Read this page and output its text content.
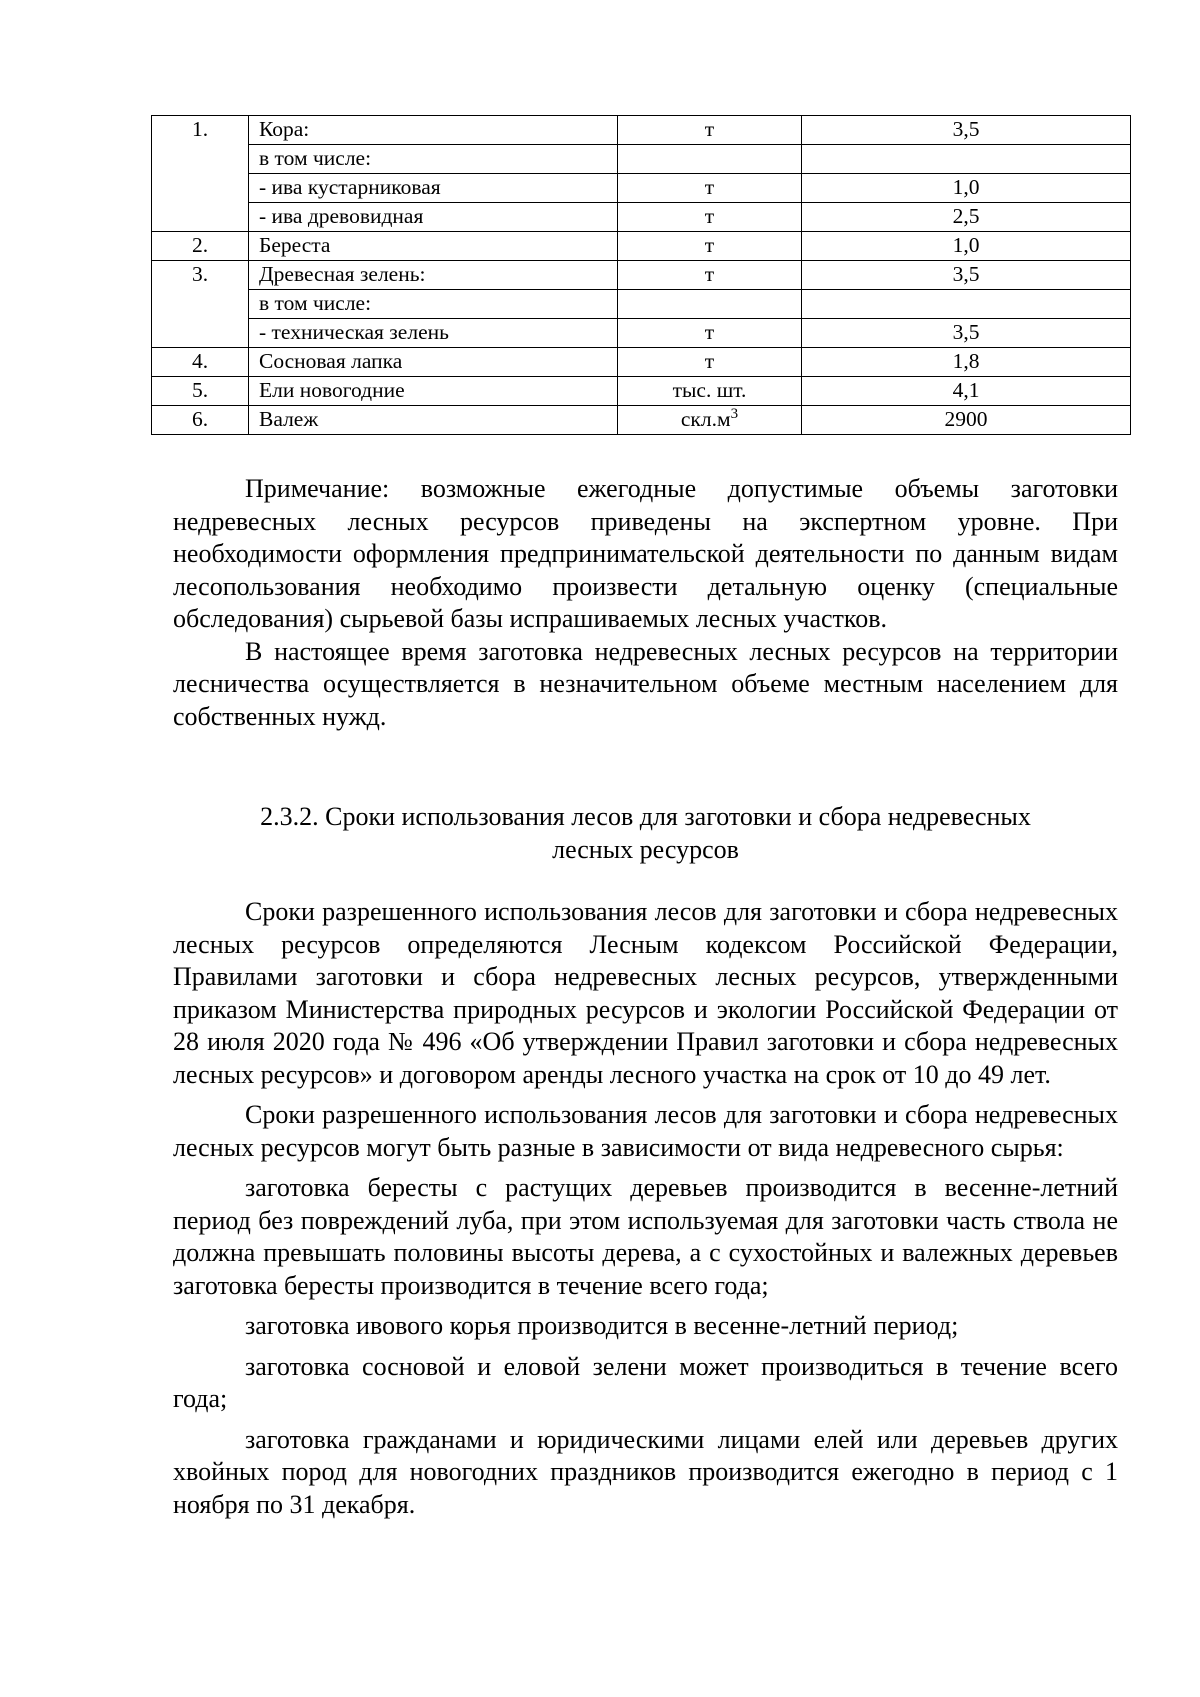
1.	Кора:	т	3,5
	в том числе:		
	- ива кустарниковая	т	1,0
	- ива древовидная	т	2,5
2.	Береста	т	1,0
3.	Древесная зелень:	т	3,5
	в том числе:		
	- техническая зелень	т	3,5
4.	Сосновая лапка	т	1,8
5.	Ели новогодние	тыс. шт.	4,1
6.	Валеж	$скл.м^3$	2900

Примечание: возможные ежегодные допустимые объемы заготовки недревесных лесных ресурсов приведены на экспертном уровне. При необходимости оформления предпринимательской деятельности по данным видам лесопользования необходимо произвести детальную оценку (специальные обследования) сырьевой базы испрашиваемых лесных участков.

В настоящее время заготовка недревесных лесных ресурсов на территории лесничества осуществляется в незначительном объеме местным населением для собственных нужд.

2.3.2. Сроки использования лесов для заготовки и сбора недревесных
лесных ресурсов

Сроки разрешенного использования лесов для заготовки и сбора недревесных лесных ресурсов определяются Лесным кодексом Российской Федерации, Правилами заготовки и сбора недревесных лесных ресурсов, утвержденными приказом Министерства природных ресурсов и экологии Российской Федерации от 28 июля 2020 года № 496 «Об утверждении Правил заготовки и сбора недревесных лесных ресурсов» и договором аренды лесного участка на срок от 10 до 49 лет.

Сроки разрешенного использования лесов для заготовки и сбора недревесных лесных ресурсов могут быть разные в зависимости от вида недревесного сырья:

заготовка бересты с растущих деревьев производится в весенне-летний период без повреждений луба, при этом используемая для заготовки часть ствола не должна превышать половины высоты дерева, а с сухостойных и валежных деревьев заготовка бересты производится в течение всего года;

заготовка ивового корья производится в весенне-летний период;

заготовка сосновой и еловой зелени может производиться в течение всего года;

заготовка гражданами и юридическими лицами елей или деревьев других хвойных пород для новогодних праздников производится ежегодно в период с 1 ноября по 31 декабря.
